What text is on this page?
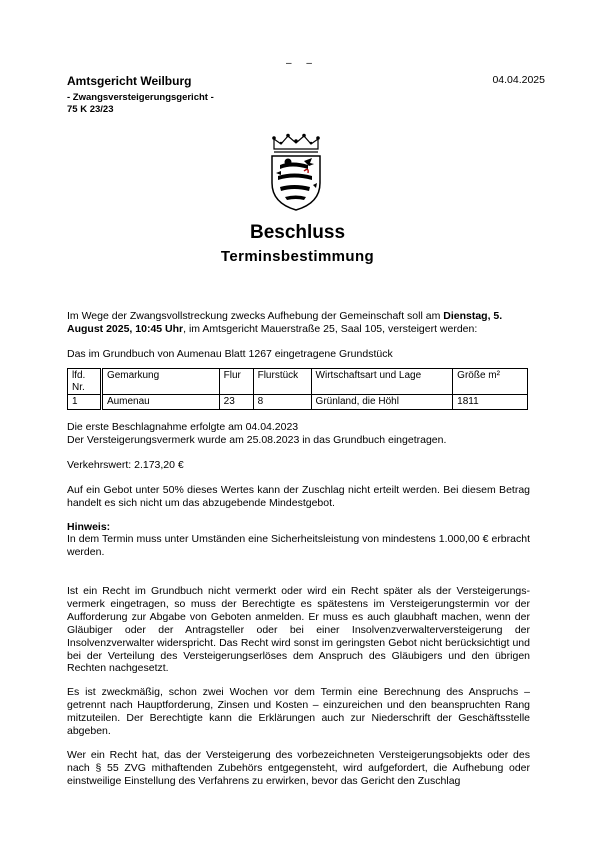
– –
Amtsgericht Weilburg
- Zwangsversteigerungsgericht -
75 K 23/23
04.04.2025
Beschluss
Terminsbestimmung
Im Wege der Zwangsvollstreckung zwecks Aufhebung der Gemeinschaft soll am Dienstag, 5. August 2025, 10:45 Uhr, im Amtsgericht Mauerstraße 25, Saal 105, versteigert werden:
Das im Grundbuch von Aumenau Blatt 1267 eingetragene Grundstück
lfd. Nr.	Gemarkung	Flur	Flurstück	Wirtschaftsart und Lage	Größe m²
1	Aumenau	23	8	Grünland, die Höhl	1811
Die erste Beschlagnahme erfolgte am 04.04.2023
Der Versteigerungsvermerk wurde am 25.08.2023 in das Grundbuch eingetragen.
Verkehrswert: 2.173,20 €
Auf ein Gebot unter 50% dieses Wertes kann der Zuschlag nicht erteilt werden. Bei diesem Betrag handelt es sich nicht um das abzugebende Mindestgebot.
Hinweis:
In dem Termin muss unter Umständen eine Sicherheitsleistung von mindestens 1.000,00 € erbracht werden.
Ist ein Recht im Grundbuch nicht vermerkt oder wird ein Recht später als der Versteigerungs-vermerk eingetragen, so muss der Berechtigte es spätestens im Versteigerungstermin vor der Aufforderung zur Abgabe von Geboten anmelden. Er muss es auch glaubhaft machen, wenn der Gläubiger oder der Antragsteller oder bei einer Insolvenzverwalterversteigerung der Insolvenzverwalter widerspricht. Das Recht wird sonst im geringsten Gebot nicht berücksichtigt und bei der Verteilung des Versteigerungserlöses dem Anspruch des Gläubigers und den übrigen Rechten nachgesetzt.
Es ist zweckmäßig, schon zwei Wochen vor dem Termin eine Berechnung des Anspruchs – getrennt nach Hauptforderung, Zinsen und Kosten – einzureichen und den beanspruchten Rang mitzuteilen. Der Berechtigte kann die Erklärungen auch zur Niederschrift der Geschäftsstelle abgeben.
Wer ein Recht hat, das der Versteigerung des vorbezeichneten Versteigerungsobjekts oder des nach § 55 ZVG mithaftenden Zubehörs entgegensteht, wird aufgefordert, die Aufhebung oder einstweilige Einstellung des Verfahrens zu erwirken, bevor das Gericht den Zuschlag
